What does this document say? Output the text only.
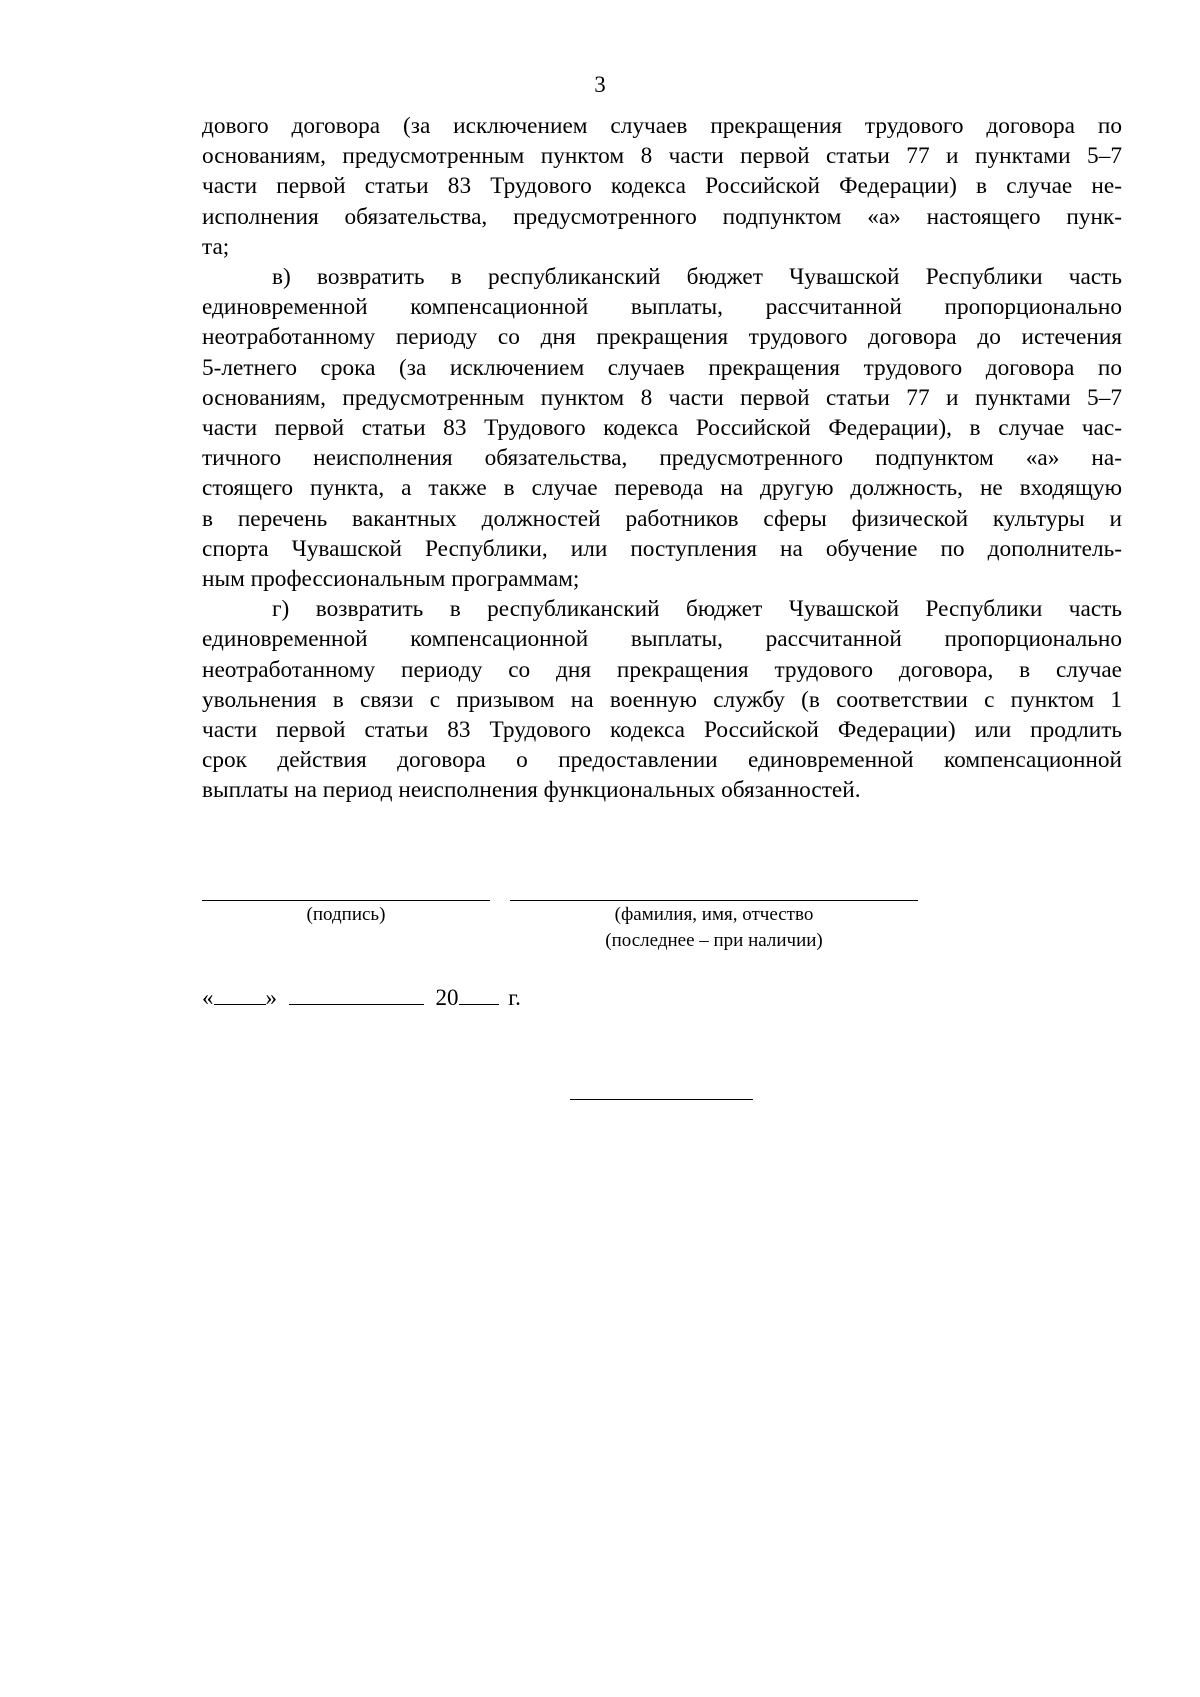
3
дового договора (за исключением случаев прекращения трудового договора по
основаниям, предусмотренным пунктом 8 части первой статьи 77 и пунктами 5–7
части первой статьи 83 Трудового кодекса Российской Федерации) в случае не-
исполнения обязательства, предусмотренного подпунктом «а» настоящего пунк-
та;
в) возвратить в республиканский бюджет Чувашской Республики часть
единовременной компенсационной выплаты, рассчитанной пропорционально
неотработанному периоду со дня прекращения трудового договора до истечения
5-летнего срока (за исключением случаев прекращения трудового договора по
основаниям, предусмотренным пунктом 8 части первой статьи 77 и пунктами 5–7
части первой статьи 83 Трудового кодекса Российской Федерации), в случае час-
тичного неисполнения обязательства, предусмотренного подпунктом «а» на-
стоящего пункта, а также в случае перевода на другую должность, не входящую
в перечень вакантных должностей работников сферы физической культуры и
спорта Чувашской Республики, или поступления на обучение по дополнитель-
ным профессиональным программам;
г) возвратить в республиканский бюджет Чувашской Республики часть
единовременной компенсационной выплаты, рассчитанной пропорционально
неотработанному периоду со дня прекращения трудового договора, в случае
увольнения в связи с призывом на военную службу (в соответствии с пунктом 1
части первой статьи 83 Трудового кодекса Российской Федерации) или продлить
срок действия договора о предоставлении единовременной компенсационной
выплаты на период неисполнения функциональных обязанностей.
(подпись)	(фамилия, имя, отчество
(последнее – при наличии)
« »	20 г.
